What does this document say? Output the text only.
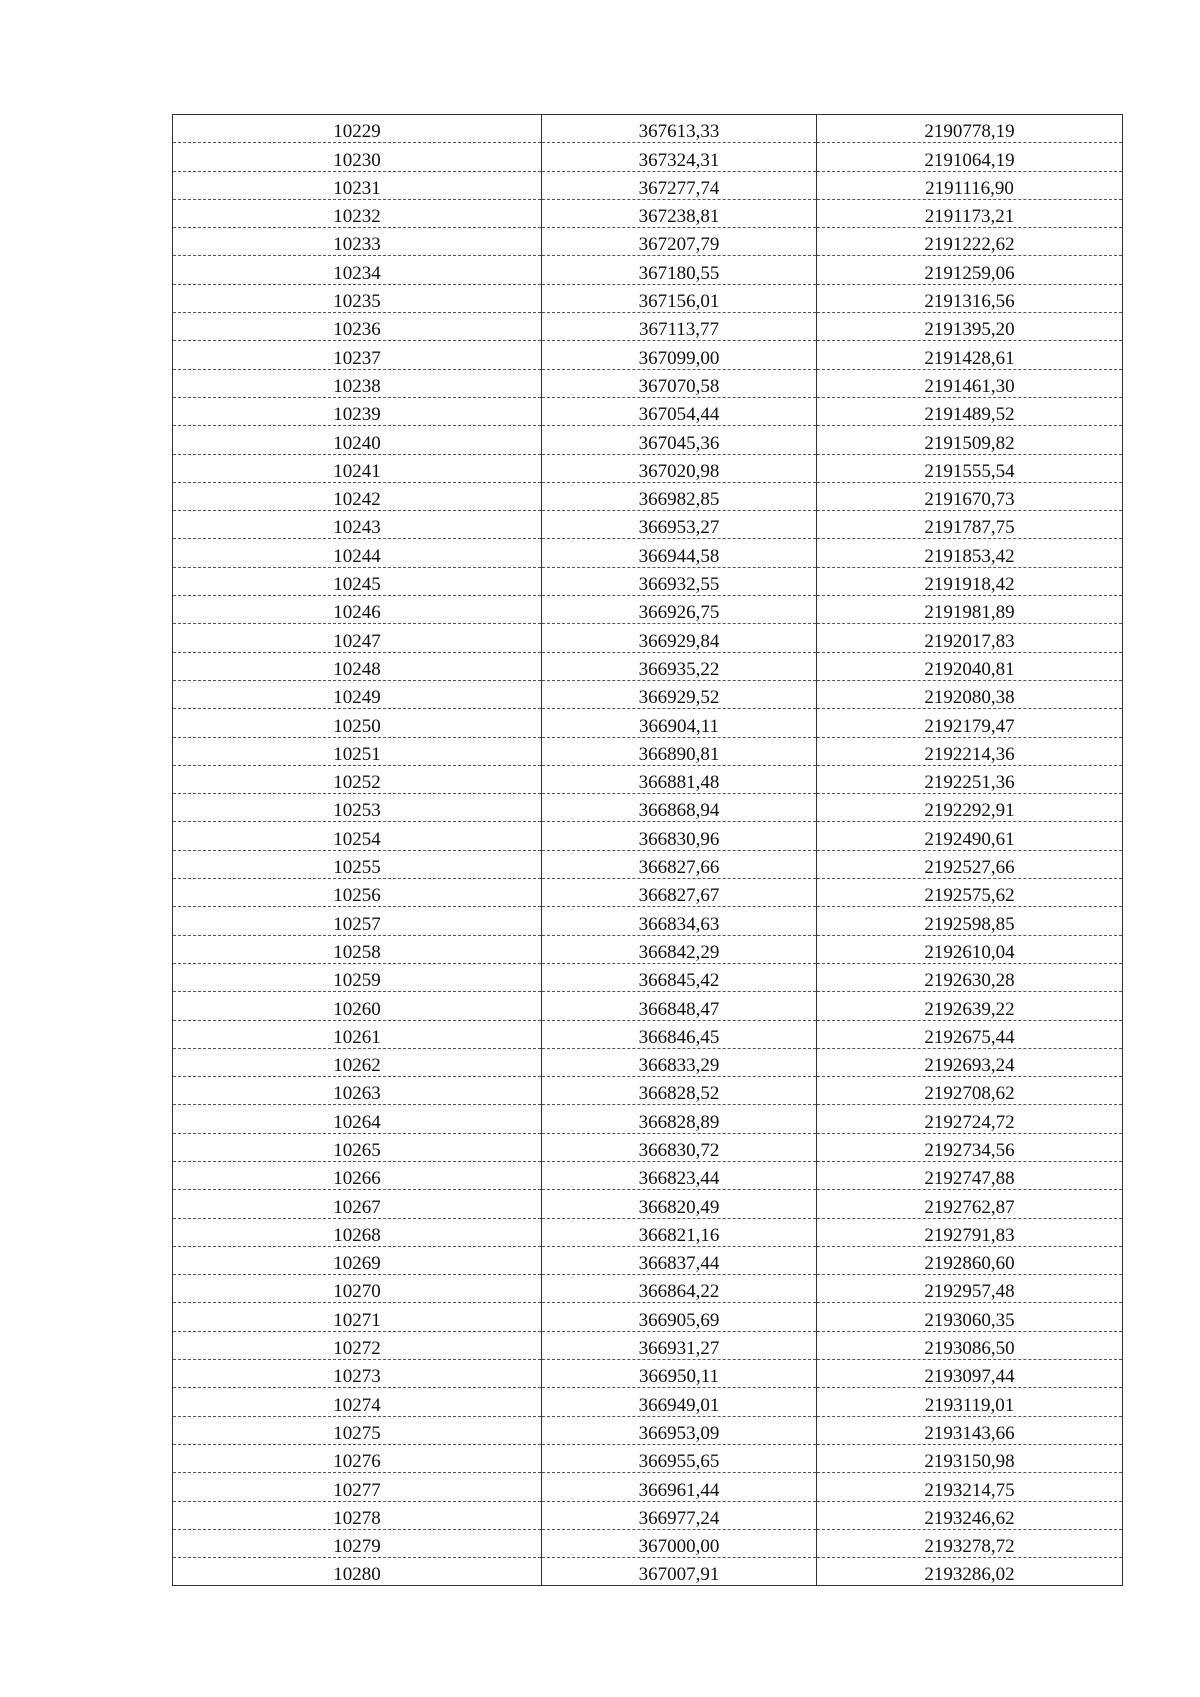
10229	367613,33	2190778,19
10230	367324,31	2191064,19
10231	367277,74	2191116,90
10232	367238,81	2191173,21
10233	367207,79	2191222,62
10234	367180,55	2191259,06
10235	367156,01	2191316,56
10236	367113,77	2191395,20
10237	367099,00	2191428,61
10238	367070,58	2191461,30
10239	367054,44	2191489,52
10240	367045,36	2191509,82
10241	367020,98	2191555,54
10242	366982,85	2191670,73
10243	366953,27	2191787,75
10244	366944,58	2191853,42
10245	366932,55	2191918,42
10246	366926,75	2191981,89
10247	366929,84	2192017,83
10248	366935,22	2192040,81
10249	366929,52	2192080,38
10250	366904,11	2192179,47
10251	366890,81	2192214,36
10252	366881,48	2192251,36
10253	366868,94	2192292,91
10254	366830,96	2192490,61
10255	366827,66	2192527,66
10256	366827,67	2192575,62
10257	366834,63	2192598,85
10258	366842,29	2192610,04
10259	366845,42	2192630,28
10260	366848,47	2192639,22
10261	366846,45	2192675,44
10262	366833,29	2192693,24
10263	366828,52	2192708,62
10264	366828,89	2192724,72
10265	366830,72	2192734,56
10266	366823,44	2192747,88
10267	366820,49	2192762,87
10268	366821,16	2192791,83
10269	366837,44	2192860,60
10270	366864,22	2192957,48
10271	366905,69	2193060,35
10272	366931,27	2193086,50
10273	366950,11	2193097,44
10274	366949,01	2193119,01
10275	366953,09	2193143,66
10276	366955,65	2193150,98
10277	366961,44	2193214,75
10278	366977,24	2193246,62
10279	367000,00	2193278,72
10280	367007,91	2193286,02
